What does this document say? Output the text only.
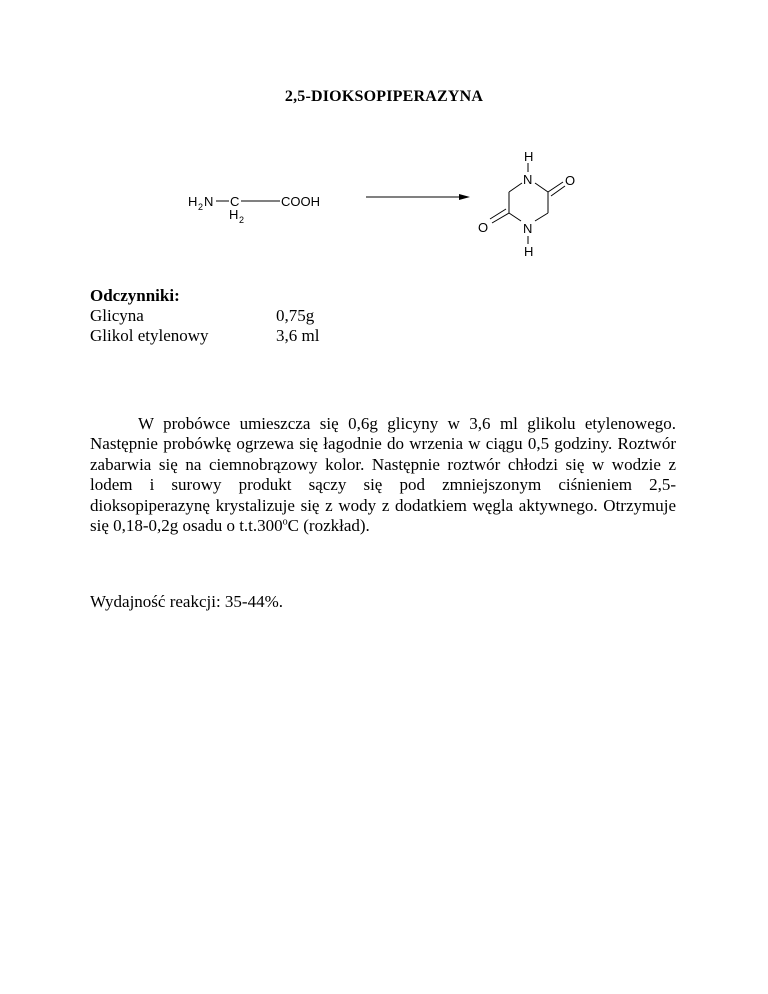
2,5-DIOKSOPIPERAZYNA
H 2 N C
H 2
COOH
H
N	O
O	N
H
Odczynniki:
Glicyna	0,75g
Glikol etylenowy	3,6 ml

W probówce umieszcza się 0,6g glicyny w 3,6 ml glikolu etylenowego. Następnie probówkę ogrzewa się łagodnie do wrzenia w ciągu 0,5 godziny. Roztwór zabarwia się na ciemnobrązowy kolor. Następnie roztwór chłodzi się w wodzie z lodem i surowy produkt sączy się pod zmniejszonym ciśnieniem 2,5-dioksopiperazynę krystalizuje się z wody z dodatkiem węgla aktywnego. Otrzymuje się 0,18-0,2g osadu o t.t.300$^o$C (rozkład).

Wydajność reakcji: 35-44%.
